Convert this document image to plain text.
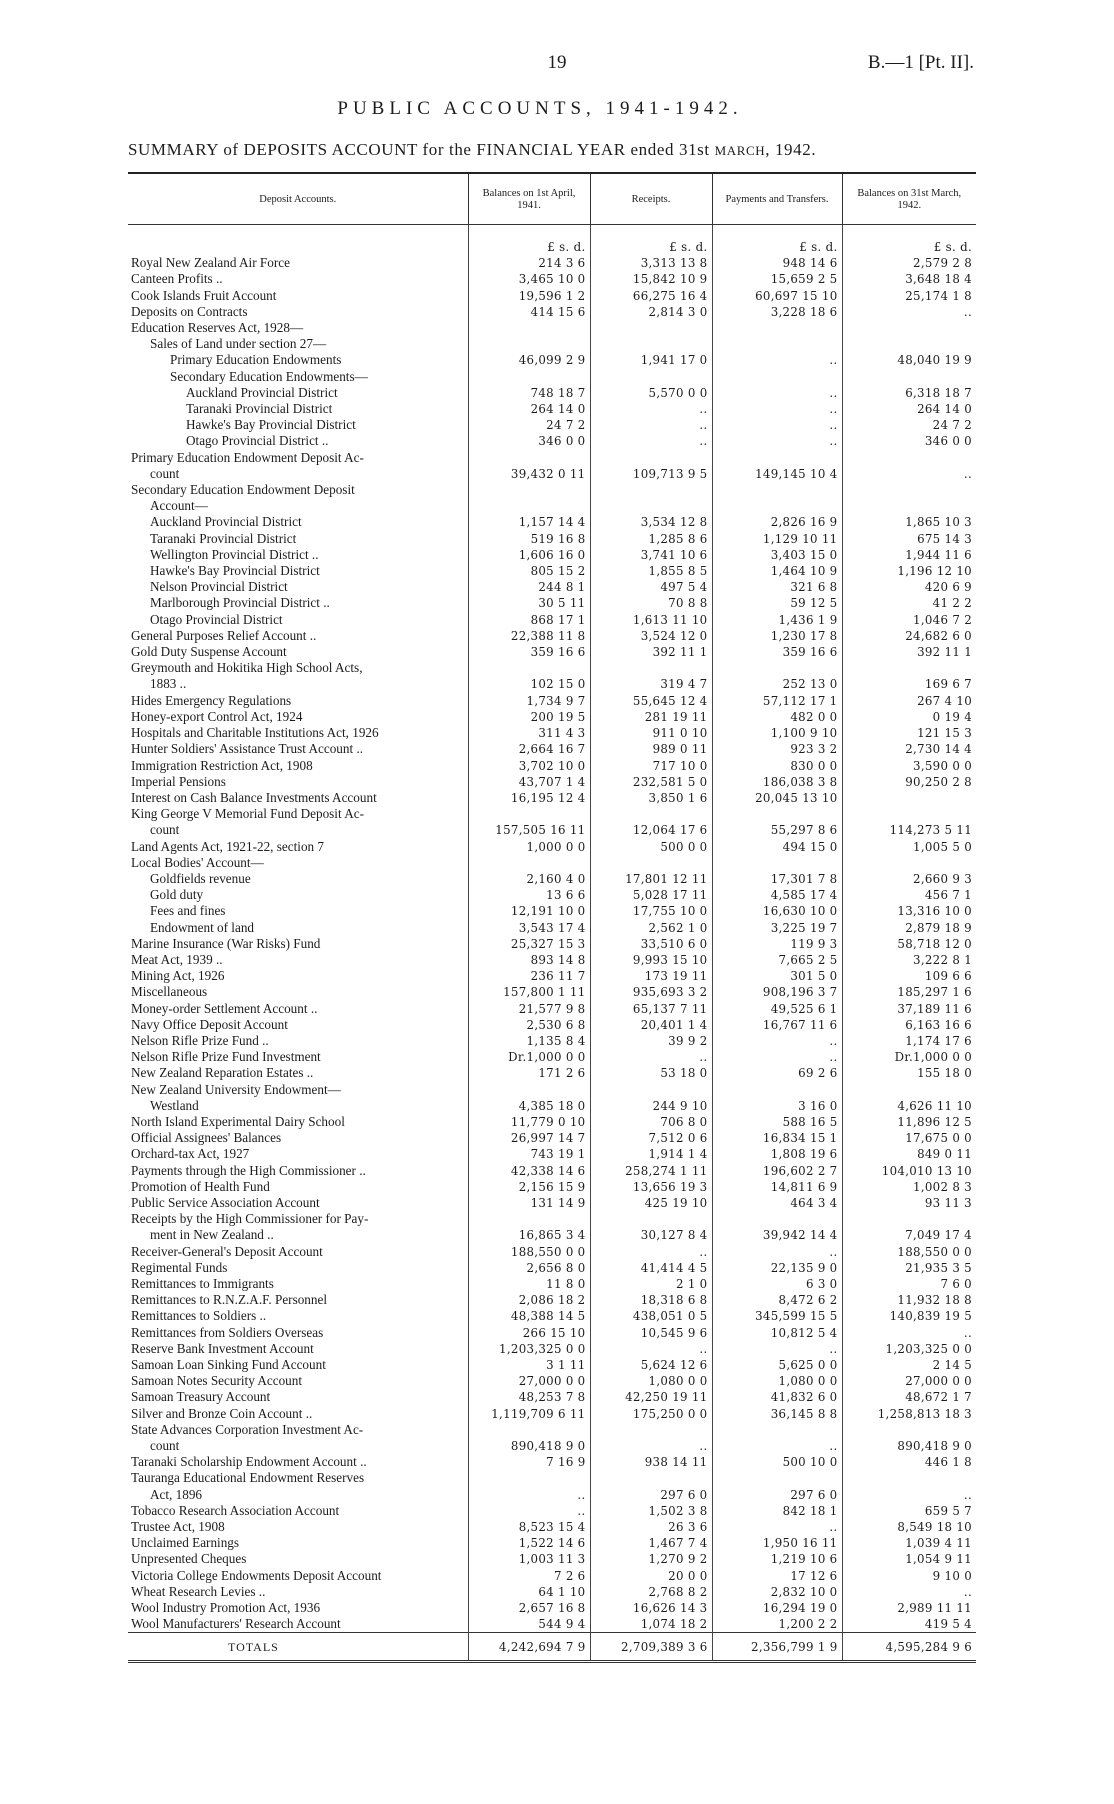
19	B.—1 [Pt. II].
PUBLIC ACCOUNTS, 1941-1942.
SUMMARY of DEPOSITS ACCOUNT for the FINANCIAL YEAR ended 31st MARCH, 1942.
Deposit Accounts.	Balances on 1st April, 1941.	Receipts.	Payments and Transfers.	Balances on 31st March, 1942.
	£ s. d.	£ s. d.	£ s. d.	£ s. d.
Royal New Zealand Air Force	214 3 6	3,313 13 8	948 14 6	2,579 2 8
Canteen Profits ..	3,465 10 0	15,842 10 9	15,659 2 5	3,648 18 4
Cook Islands Fruit Account	19,596 1 2	66,275 16 4	60,697 15 10	25,174 1 8
Deposits on Contracts	414 15 6	2,814 3 0	3,228 18 6	..
Education Reserves Act, 1928—				
Sales of Land under section 27—				
Primary Education Endowments	46,099 2 9	1,941 17 0	..	48,040 19 9
Secondary Education Endowments—				
Auckland Provincial District	748 18 7	5,570 0 0	..	6,318 18 7
Taranaki Provincial District	264 14 0	..	..	264 14 0
Hawke's Bay Provincial District	24 7 2	..	..	24 7 2
Otago Provincial District ..	346 0 0	..	..	346 0 0
Primary Education Endowment Deposit Ac-				
count	39,432 0 11	109,713 9 5	149,145 10 4	..
Secondary Education Endowment Deposit				
Account—				
Auckland Provincial District	1,157 14 4	3,534 12 8	2,826 16 9	1,865 10 3
Taranaki Provincial District	519 16 8	1,285 8 6	1,129 10 11	675 14 3
Wellington Provincial District ..	1,606 16 0	3,741 10 6	3,403 15 0	1,944 11 6
Hawke's Bay Provincial District	805 15 2	1,855 8 5	1,464 10 9	1,196 12 10
Nelson Provincial District	244 8 1	497 5 4	321 6 8	420 6 9
Marlborough Provincial District ..	30 5 11	70 8 8	59 12 5	41 2 2
Otago Provincial District	868 17 1	1,613 11 10	1,436 1 9	1,046 7 2
General Purposes Relief Account ..	22,388 11 8	3,524 12 0	1,230 17 8	24,682 6 0
Gold Duty Suspense Account	359 16 6	392 11 1	359 16 6	392 11 1
Greymouth and Hokitika High School Acts,				
1883 ..	102 15 0	319 4 7	252 13 0	169 6 7
Hides Emergency Regulations	1,734 9 7	55,645 12 4	57,112 17 1	267 4 10
Honey-export Control Act, 1924	200 19 5	281 19 11	482 0 0	0 19 4
Hospitals and Charitable Institutions Act, 1926	311 4 3	911 0 10	1,100 9 10	121 15 3
Hunter Soldiers' Assistance Trust Account ..	2,664 16 7	989 0 11	923 3 2	2,730 14 4
Immigration Restriction Act, 1908	3,702 10 0	717 10 0	830 0 0	3,590 0 0
Imperial Pensions	43,707 1 4	232,581 5 0	186,038 3 8	90,250 2 8
Interest on Cash Balance Investments Account	16,195 12 4	3,850 1 6	20,045 13 10	
King George V Memorial Fund Deposit Ac-				
count	157,505 16 11	12,064 17 6	55,297 8 6	114,273 5 11
Land Agents Act, 1921-22, section 7	1,000 0 0	500 0 0	494 15 0	1,005 5 0
Local Bodies' Account—				
Goldfields revenue	2,160 4 0	17,801 12 11	17,301 7 8	2,660 9 3
Gold duty	13 6 6	5,028 17 11	4,585 17 4	456 7 1
Fees and fines	12,191 10 0	17,755 10 0	16,630 10 0	13,316 10 0
Endowment of land	3,543 17 4	2,562 1 0	3,225 19 7	2,879 18 9
Marine Insurance (War Risks) Fund	25,327 15 3	33,510 6 0	119 9 3	58,718 12 0
Meat Act, 1939 ..	893 14 8	9,993 15 10	7,665 2 5	3,222 8 1
Mining Act, 1926	236 11 7	173 19 11	301 5 0	109 6 6
Miscellaneous	157,800 1 11	935,693 3 2	908,196 3 7	185,297 1 6
Money-order Settlement Account ..	21,577 9 8	65,137 7 11	49,525 6 1	37,189 11 6
Navy Office Deposit Account	2,530 6 8	20,401 1 4	16,767 11 6	6,163 16 6
Nelson Rifle Prize Fund ..	1,135 8 4	39 9 2	..	1,174 17 6
Nelson Rifle Prize Fund Investment	Dr.1,000 0 0	..	..	Dr.1,000 0 0
New Zealand Reparation Estates ..	171 2 6	53 18 0	69 2 6	155 18 0
New Zealand University Endowment—				
Westland	4,385 18 0	244 9 10	3 16 0	4,626 11 10
North Island Experimental Dairy School	11,779 0 10	706 8 0	588 16 5	11,896 12 5
Official Assignees' Balances	26,997 14 7	7,512 0 6	16,834 15 1	17,675 0 0
Orchard-tax Act, 1927	743 19 1	1,914 1 4	1,808 19 6	849 0 11
Payments through the High Commissioner ..	42,338 14 6	258,274 1 11	196,602 2 7	104,010 13 10
Promotion of Health Fund	2,156 15 9	13,656 19 3	14,811 6 9	1,002 8 3
Public Service Association Account	131 14 9	425 19 10	464 3 4	93 11 3
Receipts by the High Commissioner for Pay-				
ment in New Zealand ..	16,865 3 4	30,127 8 4	39,942 14 4	7,049 17 4
Receiver-General's Deposit Account	188,550 0 0	..	..	188,550 0 0
Regimental Funds	2,656 8 0	41,414 4 5	22,135 9 0	21,935 3 5
Remittances to Immigrants	11 8 0	2 1 0	6 3 0	7 6 0
Remittances to R.N.Z.A.F. Personnel	2,086 18 2	18,318 6 8	8,472 6 2	11,932 18 8
Remittances to Soldiers ..	48,388 14 5	438,051 0 5	345,599 15 5	140,839 19 5
Remittances from Soldiers Overseas	266 15 10	10,545 9 6	10,812 5 4	..
Reserve Bank Investment Account	1,203,325 0 0	..	..	1,203,325 0 0
Samoan Loan Sinking Fund Account	3 1 11	5,624 12 6	5,625 0 0	2 14 5
Samoan Notes Security Account	27,000 0 0	1,080 0 0	1,080 0 0	27,000 0 0
Samoan Treasury Account	48,253 7 8	42,250 19 11	41,832 6 0	48,672 1 7
Silver and Bronze Coin Account ..	1,119,709 6 11	175,250 0 0	36,145 8 8	1,258,813 18 3
State Advances Corporation Investment Ac-				
count	890,418 9 0	..	..	890,418 9 0
Taranaki Scholarship Endowment Account ..	7 16 9	938 14 11	500 10 0	446 1 8
Tauranga Educational Endowment Reserves				
Act, 1896	..	297 6 0	297 6 0	..
Tobacco Research Association Account	..	1,502 3 8	842 18 1	659 5 7
Trustee Act, 1908	8,523 15 4	26 3 6	..	8,549 18 10
Unclaimed Earnings	1,522 14 6	1,467 7 4	1,950 16 11	1,039 4 11
Unpresented Cheques	1,003 11 3	1,270 9 2	1,219 10 6	1,054 9 11
Victoria College Endowments Deposit Account	7 2 6	20 0 0	17 12 6	9 10 0
Wheat Research Levies ..	64 1 10	2,768 8 2	2,832 10 0	..
Wool Industry Promotion Act, 1936	2,657 16 8	16,626 14 3	16,294 19 0	2,989 11 11
Wool Manufacturers' Research Account	544 9 4	1,074 18 2	1,200 2 2	419 5 4
TOTALS	4,242,694 7 9	2,709,389 3 6	2,356,799 1 9	4,595,284 9 6
